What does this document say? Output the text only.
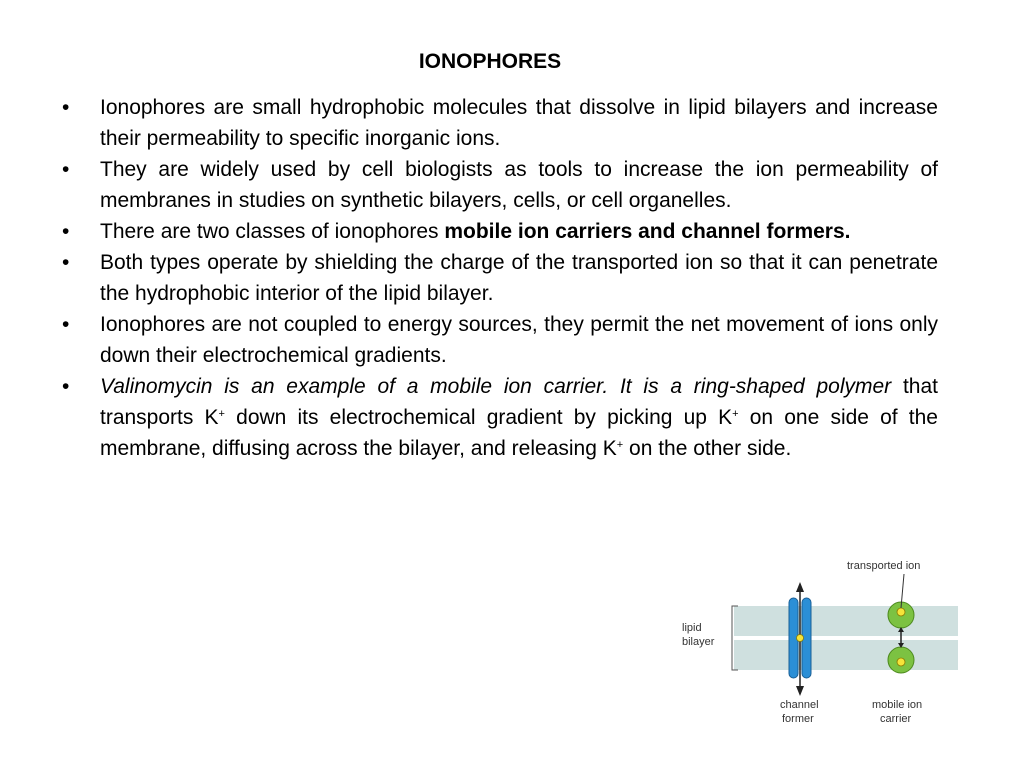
IONOPHORES
• Ionophores are small hydrophobic molecules that dissolve in lipid bilayers and increase their permeability to specific inorganic ions.
• They are widely used by cell biologists as tools to increase the ion permeability of membranes in studies on synthetic bilayers, cells, or cell organelles.
• There are two classes of ionophores mobile ion carriers and channel formers.
• Both types operate by shielding the charge of the transported ion so that it can penetrate the hydrophobic interior of the lipid bilayer.
• Ionophores are not coupled to energy sources, they permit the net movement of ions only down their electrochemical gradients.
• Valinomycin is an example of a mobile ion carrier. It is a ring-shaped polymer that transports K+ down its electrochemical gradient by picking up K+ on one side of the membrane, diffusing across the bilayer, and releasing K+ on the other side.
transported ion
lipid
bilayer
channel
former
mobile ion
carrier
